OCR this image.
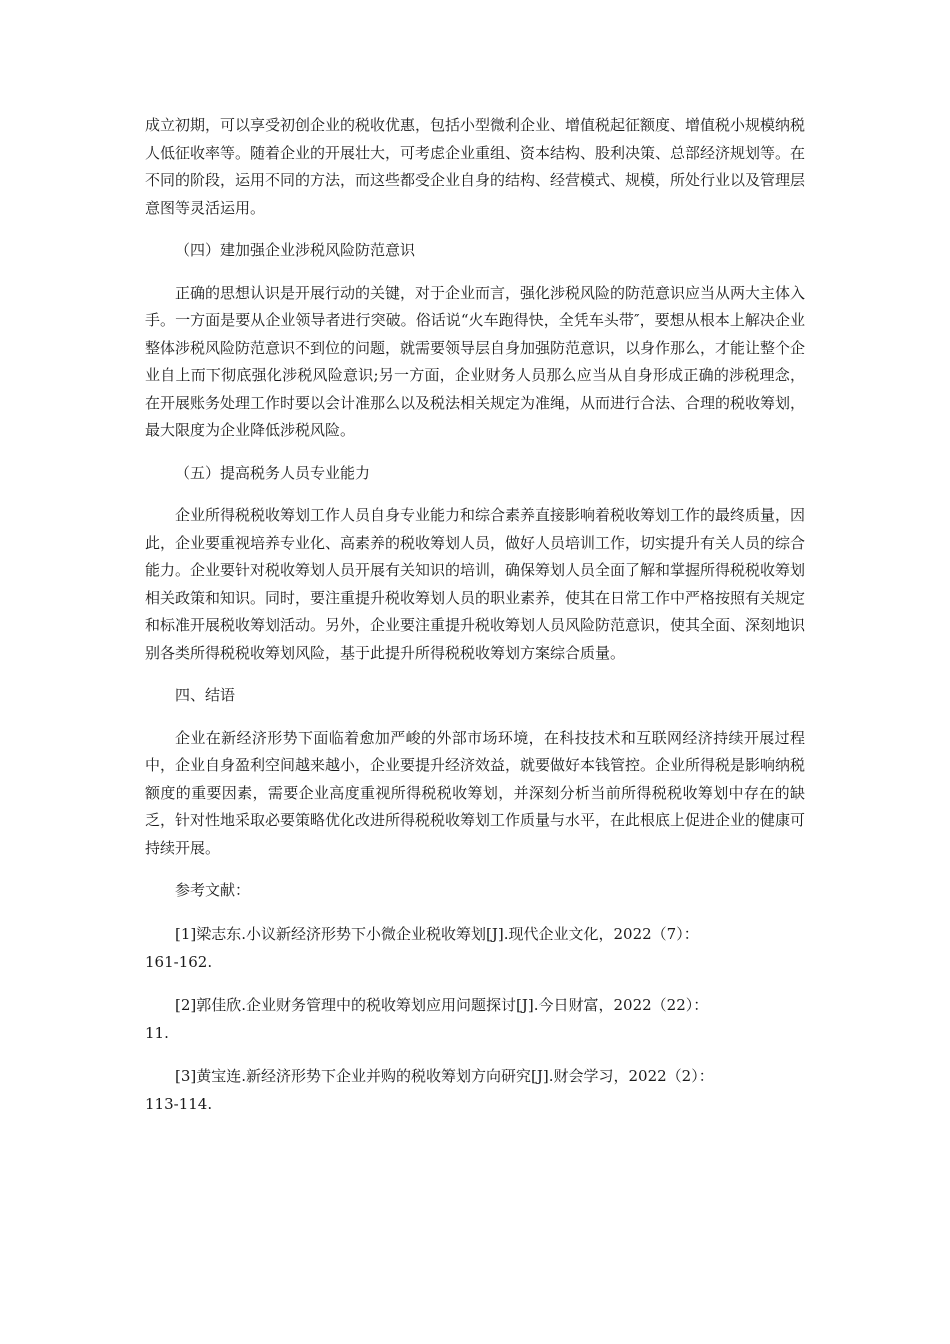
成立初期，可以享受初创企业的税收优惠，包括小型微利企业、增值税起征额度、增值税小规模纳税人低征收率等。随着企业的开展壮大，可考虑企业重组、资本结构、股利决策、总部经济规划等。在不同的阶段，运用不同的方法，而这些都受企业自身的结构、经营模式、规模，所处行业以及管理层意图等灵活运用。

（四）建加强企业涉税风险防范意识

正确的思想认识是开展行动的关键，对于企业而言，强化涉税风险的防范意识应当从两大主体入手。一方面是要从企业领导者进行突破。俗话说“火车跑得快，全凭车头带″，要想从根本上解决企业整体涉税风险防范意识不到位的问题，就需要领导层自身加强防范意识，以身作那么，才能让整个企业自上而下彻底强化涉税风险意识;另一方面，企业财务人员那么应当从自身形成正确的涉税理念，在开展账务处理工作时要以会计准那么以及税法相关规定为准绳，从而进行合法、合理的税收筹划，最大限度为企业降低涉税风险。

（五）提高税务人员专业能力

企业所得税税收筹划工作人员自身专业能力和综合素养直接影响着税收筹划工作的最终质量，因此，企业要重视培养专业化、高素养的税收筹划人员，做好人员培训工作，切实提升有关人员的综合能力。企业要针对税收筹划人员开展有关知识的培训，确保筹划人员全面了解和掌握所得税税收筹划相关政策和知识。同时，要注重提升税收筹划人员的职业素养，使其在日常工作中严格按照有关规定和标准开展税收筹划活动。另外，企业要注重提升税收筹划人员风险防范意识，使其全面、深刻地识别各类所得税税收筹划风险，基于此提升所得税税收筹划方案综合质量。

四、结语

企业在新经济形势下面临着愈加严峻的外部市场环境，在科技技术和互联网经济持续开展过程中，企业自身盈利空间越来越小，企业要提升经济效益，就要做好本钱管控。企业所得税是影响纳税额度的重要因素，需要企业高度重视所得税税收筹划，并深刻分析当前所得税税收筹划中存在的缺乏，针对性地采取必要策略优化改进所得税税收筹划工作质量与水平，在此根底上促进企业的健康可持续开展。

参考文献：

[1]梁志东.小议新经济形势下小微企业税收筹划[J].现代企业文化，2022（7）：

161-162.

[2]郭佳欣.企业财务管理中的税收筹划应用问题探讨[J].今日财富，2022（22）：

11.

[3]黄宝连.新经济形势下企业并购的税收筹划方向研究[J].财会学习，2022（2）：

113-114.
